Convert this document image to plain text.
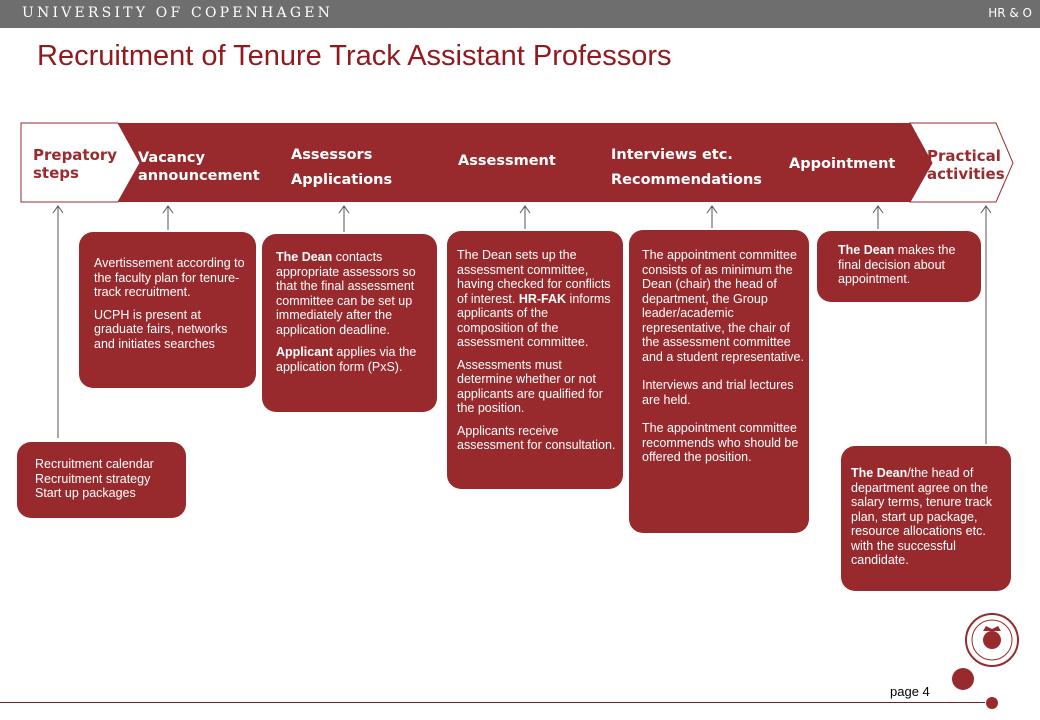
UNIVERSITY OF COPENHAGEN	HR & O
Recruitment of Tenure Track Assistant Professors
Prepatory
steps
Vacancy
announcement
Assessors
Applications
Assessment	Interviews etc.
Recommendations
Appointment Practical
activities
Recruitment calendar
Recruitment strategy
Start up packages

Avertissement according to the faculty plan for tenure-track recruitment.

UCPH is present at graduate fairs, networks and initiates searches

The Dean contacts appropriate assessors so that the final assessment committee can be set up immediately after the application deadline.

Applicant applies via the application form (PxS).

The Dean sets up the assessment committee, having checked for conflicts of interest. HR-FAK informs applicants of the composition of the assessment committee.

Assessments must determine whether or not applicants are qualified for the position.

Applicants receive assessment for consultation.

The appointment committee consists of as minimum the Dean (chair) the head of department, the Group leader/academic representative, the chair of the assessment committee and a student representative.

Interviews and trial lectures are held.

The appointment committee recommends who should be offered the position.

The Dean makes the final decision about appointment.

The Dean/the head of department agree on the salary terms, tenure track plan, start up package, resource allocations etc. with the successful candidate.

page 4
